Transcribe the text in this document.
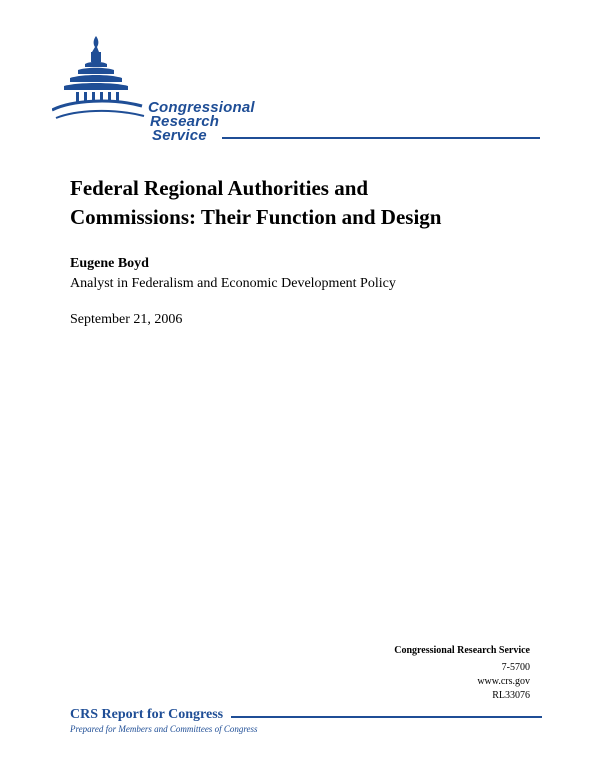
Congressional
Research
Service
Federal Regional Authorities and
Commissions: Their Function and Design
Eugene Boyd
Analyst in Federalism and Economic Development Policy
September 21, 2006
Congressional Research Service
7-5700
www.crs.gov
RL33076
CRS Report for Congress
Prepared for Members and Committees of Congress
